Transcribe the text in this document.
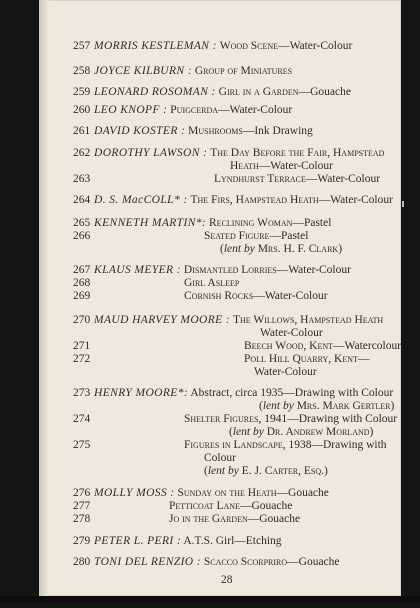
257 MORRIS KESTLEMAN : Wood Scene—Water-Colour
258 JOYCE KILBURN : Group of Miniatures
259 LEONARD ROSOMAN : Girl in a Garden—Gouache
260 LEO KNOPF : Puigcerda—Water-Colour
261 DAVID KOSTER : Mushrooms—Ink Drawing
262 DOROTHY LAWSON : The Day Before the Fair, Hampstead
Heath—Water-Colour
263	Lyndhurst Terrace—Water-Colour
264 D. S. MacCOLL* : The Firs, Hampstead Heath—Water-Colour
265 KENNETH MARTIN*: Reclining Woman—Pastel
266	Seated Figure—Pastel
(lent by Mrs. H. F. Clark)
267 KLAUS MEYER : Dismantled Lorries—Water-Colour
268	Girl Asleep
269	Cornish Rocks—Water-Colour
270 MAUD HARVEY MOORE : The Willows, Hampstead Heath
Water-Colour
271	Beech Wood, Kent—Watercolour
272	Poll Hill Quarry, Kent—
Water-Colour
273 HENRY MOORE*: Abstract, circa 1935—Drawing with Colour
(lent by Mrs. Mark Gertler)
274	Shelter Figures, 1941—Drawing with Colour
(lent by Dr. Andrew Morland)
275	Figures in Landscape, 1938—Drawing with
Colour
(lent by E. J. Carter, Esq.)
276 MOLLY MOSS : Sunday on the Heath—Gouache
277	Petticoat Lane—Gouache
278	Jo in the Garden—Gouache
279 PETER L. PERI : A.T.S. Girl—Etching
280 TONI DEL RENZIO : Scacco Scorpriro—Gouache
28
